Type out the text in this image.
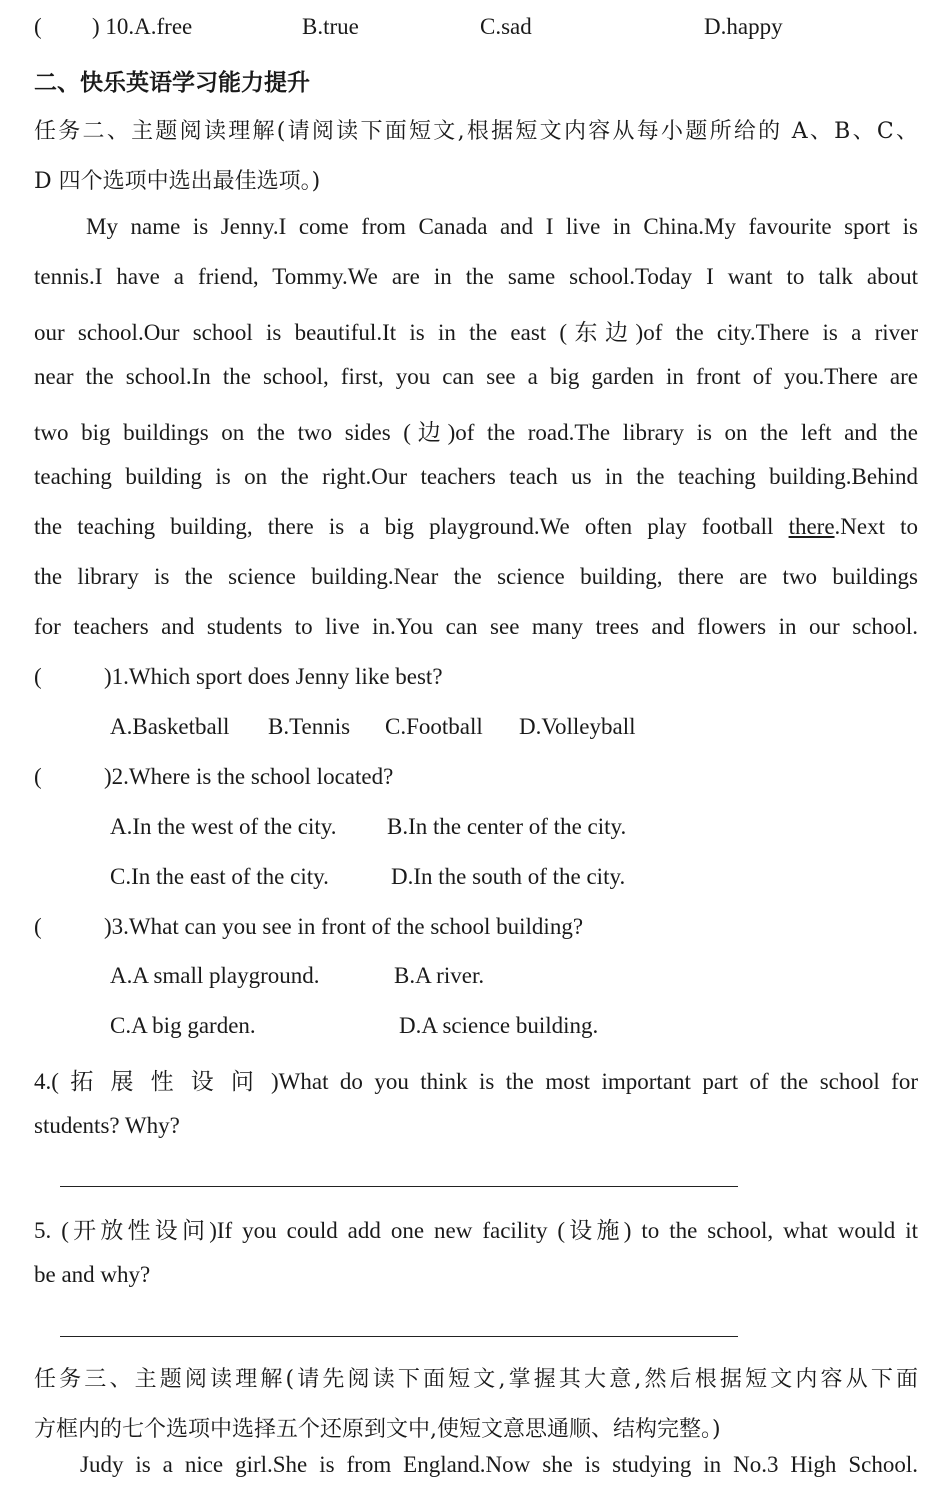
( ) 10.A.free	B.true	C.sad	D.happy
二、快乐英语学习能力提升
任务二、主题阅读理解(请阅读下面短文,根据短文内容从每小题所给的 A、B、C、
D 四个选项中选出最佳选项。)
My name is Jenny.I come from Canada and I live in China.My favourite sport is
tennis.I have a friend, Tommy.We are in the same school.Today I want to talk about
our school.Our school is beautiful.It is in the east (东边)of the city.There is a river
near the school.In the school, first, you can see a big garden in front of you.There are
two big buildings on the two sides (边)of the road.The library is on the left and the
teaching building is on the right.Our teachers teach us in the teaching building.Behind
the teaching building, there is a big playground.We often play football there.Next to
the library is the science building.Near the science building, there are two buildings
for teachers and students to live in.You can see many trees and flowers in our school.
(	)1.Which sport does Jenny like best?
A.Basketball B.Tennis C.Football D.Volleyball
(	)2.Where is the school located?
A.In the west of the city. B.In the center of the city.
C.In the east of the city.	D.In the south of the city.
(	)3.What can you see in front of the school building?
A.A small playground.	B.A river.
C.A big garden.	D.A science building.
4.( 拓 展 性 设 问 )What do you think is the most important part of the school for
students? Why?
5. (开放性设问)If you could add one new facility (设施) to the school, what would it
be and why?
任务三、主题阅读理解(请先阅读下面短文,掌握其大意,然后根据短文内容从下面
方框内的七个选项中选择五个还原到文中,使短文意思通顺、结构完整。)
Judy is a nice girl.She is from England.Now she is studying in No.3 High School.
